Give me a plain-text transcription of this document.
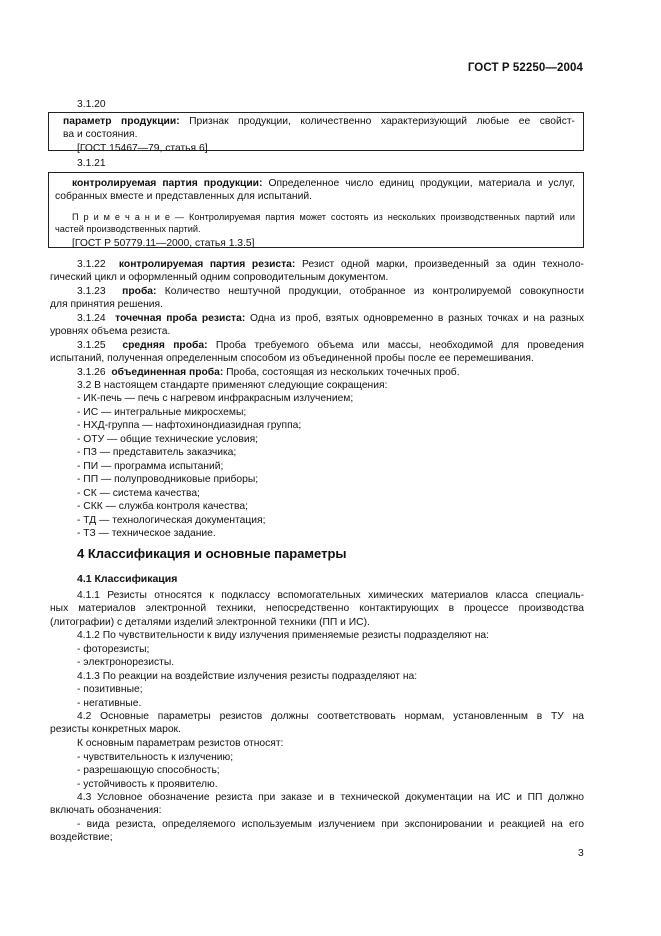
ГОСТ Р 52250—2004
3.1.20

параметр продукции: Признак продукции, количественно характеризующий любые ее свойст-

ва и состояния.

[ГОСТ 15467—79, статья 6]

3.1.21

контролируемая партия продукции: Определенное число единиц продукции, материала и услуг,

собранных вместе и представленных для испытаний.

П р и м е ч а н и е — Контролируемая партия может состоять из нескольких производственных партий или

частей производственных партий.

[ГОСТ Р 50779.11—2000, статья 1.3.5]

3.1.22 контролируемая партия резиста: Резист одной марки, произведенный за один техноло-
гический цикл и оформленный одним сопроводительным документом.
3.1.23 проба: Количество нештучной продукции, отобранное из контролируемой совокупности
для принятия решения.
3.1.24 точечная проба резиста: Одна из проб, взятых одновременно в разных точках и на разных
уровнях объема резиста.
3.1.25 средняя проба: Проба требуемого объема или массы, необходимой для проведения
испытаний, полученная определенным способом из объединенной пробы после ее перемешивания.
3.1.26 объединенная проба: Проба, состоящая из нескольких точечных проб.
3.2 В настоящем стандарте применяют следующие сокращения:
- ИК-печь — печь с нагревом инфракрасным излучением;
- ИС — интегральные микросхемы;
- НХД-группа — нафтохинондиазидная группа;
- ОТУ — общие технические условия;
- ПЗ — представитель заказчика;
- ПИ — программа испытаний;
- ПП — полупроводниковые приборы;
- СК — система качества;
- СКК — служба контроля качества;
- ТД — технологическая документация;
- ТЗ — техническое задание.
4 Классификация и основные параметры
4.1 Классификация
4.1.1 Резисты относятся к подклассу вспомогательных химических материалов класса специаль-
ных материалов электронной техники, непосредственно контактирующих в процессе производства
(литографии) с деталями изделий электронной техники (ПП и ИС).
4.1.2 По чувствительности к виду излучения применяемые резисты подразделяют на:
- фоторезисты;
- электронорезисты.
4.1.3 По реакции на воздействие излучения резисты подразделяют на:
- позитивные;
- негативные.
4.2 Основные параметры резистов должны соответствовать нормам, установленным в ТУ на
резисты конкретных марок.
К основным параметрам резистов относят:
- чувствительность к излучению;
- разрешающую способность;
- устойчивость к проявителю.
4.3 Условное обозначение резиста при заказе и в технической документации на ИС и ПП должно
включать обозначения:
- вида резиста, определяемого используемым излучением при экспонировании и реакцией на его
воздействие;
3
